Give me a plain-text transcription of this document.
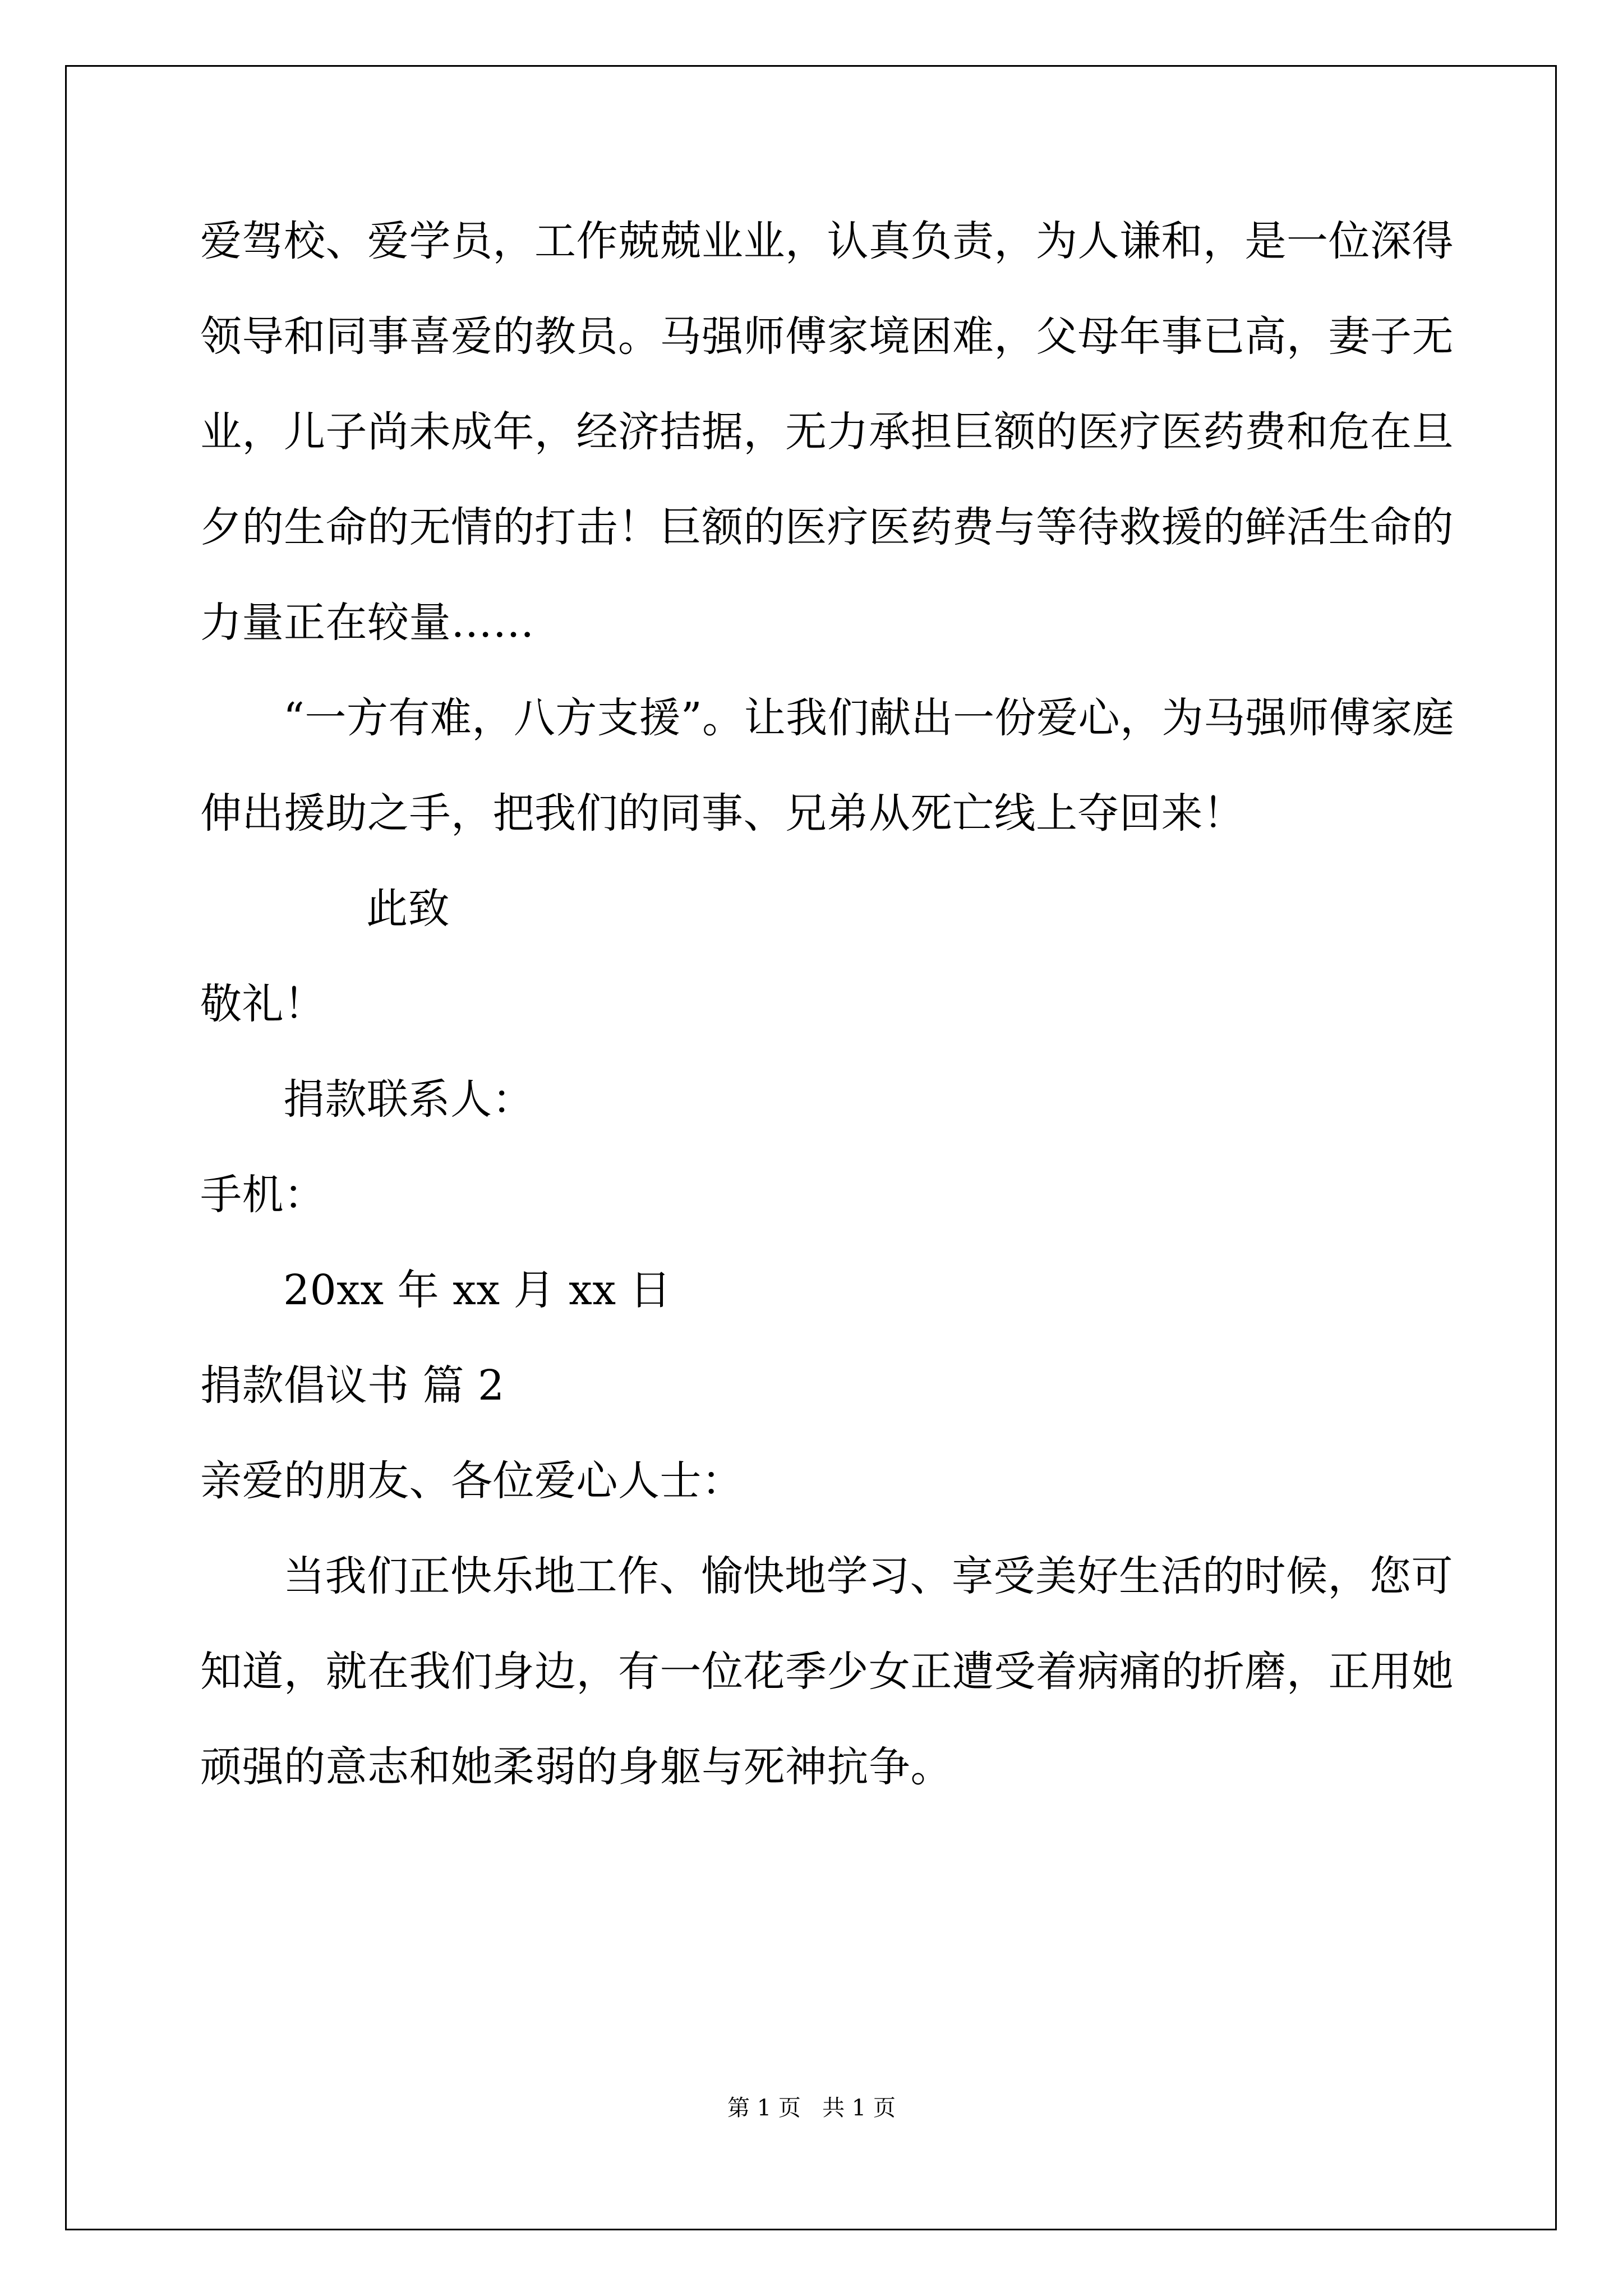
爱驾校、爱学员，工作兢兢业业，认真负责，为人谦和，是一位深得
领导和同事喜爱的教员。马强师傅家境困难，父母年事已高，妻子无
业，儿子尚未成年，经济拮据，无力承担巨额的医疗医药费和危在旦
夕的生命的无情的打击！巨额的医疗医药费与等待救援的鲜活生命的
力量正在较量……
“一方有难，八方支援”。让我们献出一份爱心，为马强师傅家庭
伸出援助之手，把我们的同事、兄弟从死亡线上夺回来！
此致
敬礼！
捐款联系人：
手机：
20xx 年 xx 月 xx 日
捐款倡议书 篇 2
亲爱的朋友、各位爱心人士：
当我们正快乐地工作、愉快地学习、享受美好生活的时候，您可
知道，就在我们身边，有一位花季少女正遭受着病痛的折磨，正用她
顽强的意志和她柔弱的身躯与死神抗争。
第 1 页   共 1 页
